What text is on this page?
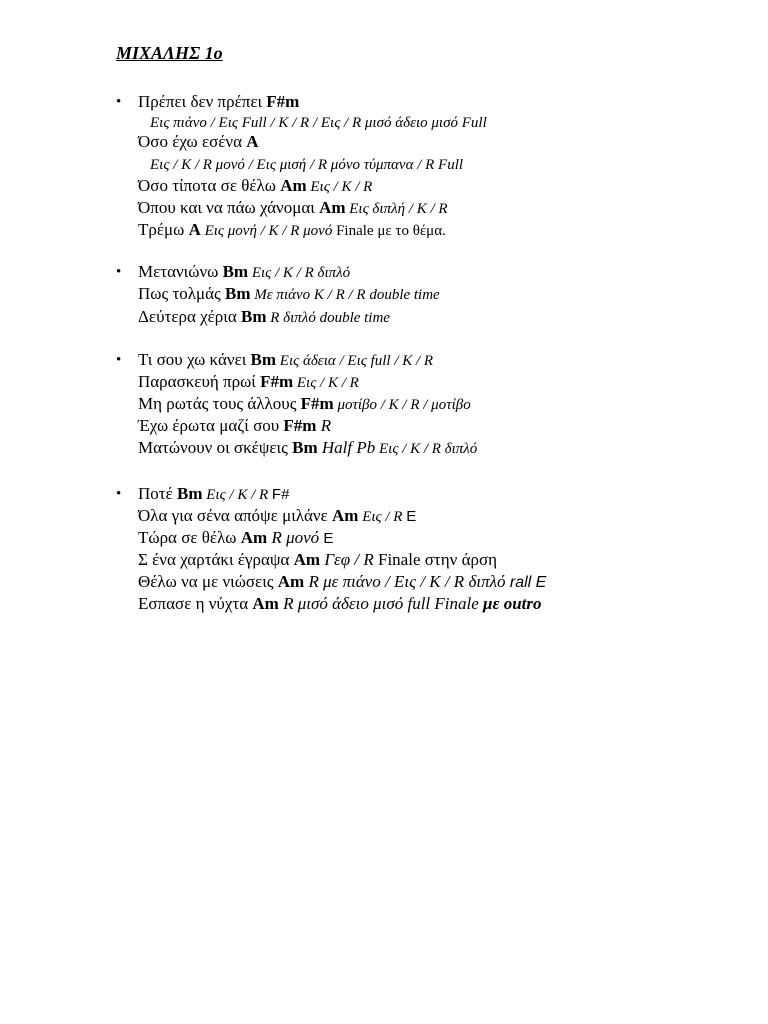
ΜΙΧΑΛΗΣ 1ο
• Πρέπει δεν πρέπει F#m
Εις πιάνο / Εις Full / K / R / Εις / R μισό άδειο μισό Full
Όσο έχω εσένα A
Εις / K / R μονό / Εις μισή / R μόνο τύμπανα / R Full
Όσο τίποτα σε θέλω Am Εις / K / R
Όπου και να πάω χάνομαι Am Εις διπλή / K / R
Τρέμω A Εις μονή / K / R μονό Finale με το θέμα.
• Μετανιώνω Bm Εις / K / R διπλό
Πως τολμάς Bm Με πιάνο K / R / R double time
Δεύτερα χέρια Bm R διπλό double time
• Τι σου χω κάνει Bm Εις άδεια / Εις full / K / R
Παρασκευή πρωί F#m Εις / K / R
Μη ρωτάς τους άλλους F#m μοτίβο / K / R / μοτίβο
Έχω έρωτα μαζί σου F#m R
Ματώνουν οι σκέψεις Bm Half Pb Εις / K / R διπλό
• Ποτέ Bm Εις / K / R F#
Όλα για σένα απόψε μιλάνε Am Εις / R E
Τώρα σε θέλω Am R μονό E
Σ ένα χαρτάκι έγραψα Am Γεφ / R Finale στην άρση
Θέλω να με νιώσεις Am R με πιάνο / Εις / K / R διπλό rall E
Εσπασε η νύχτα Am R μισό άδειο μισό full Finale με outro
